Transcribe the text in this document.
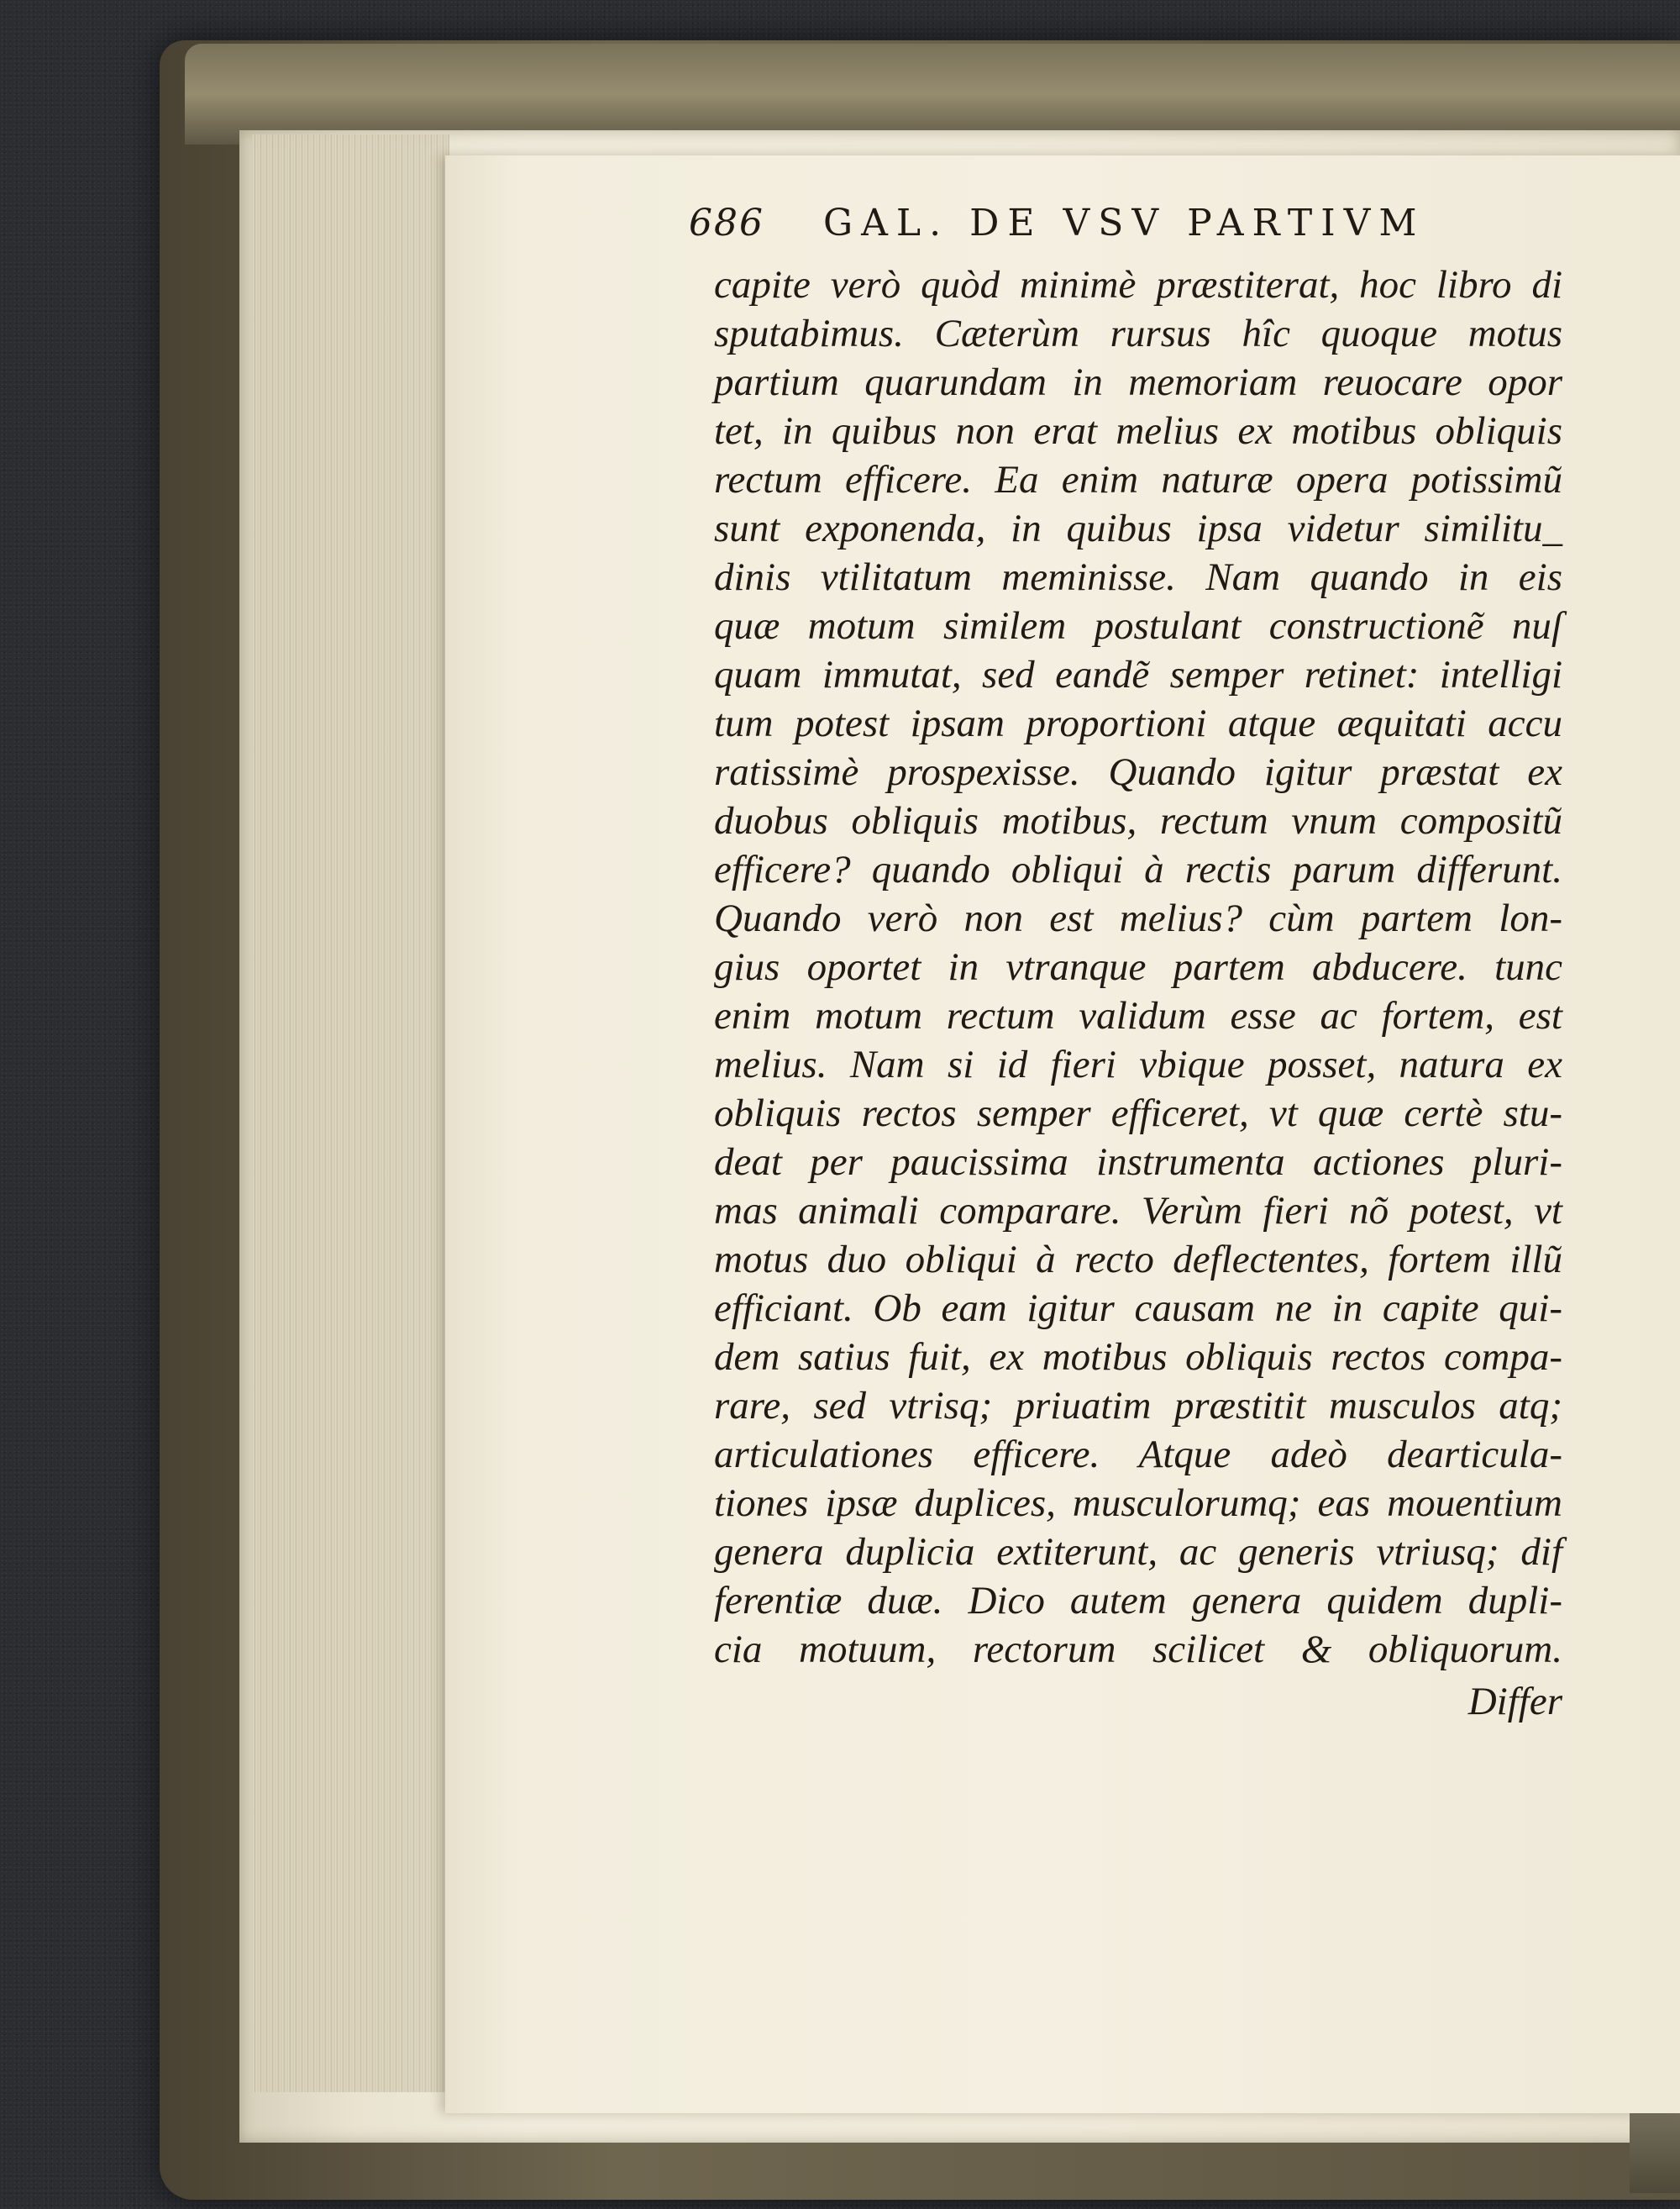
686 GAL. DE VSV PARTIVM
capite verò quòd minimè præstiterat, hoc libro di
sputabimus. Cæterùm rursus hîc quoque motus
partium quarundam in memoriam reuocare opor
tet, in quibus non erat melius ex motibus obliquis
rectum efficere. Ea enim naturæ opera potissimũ
sunt exponenda, in quibus ipsa videtur similitu_
dinis vtilitatum meminisse. Nam quando in eis
quæ motum similem postulant constructionẽ nuſ
quam immutat, sed eandẽ semper retinet: intelligi
tum potest ipsam proportioni atque æquitati accu
ratissimè prospexisse. Quando igitur præstat ex
duobus obliquis motibus, rectum vnum compositũ
efficere? quando obliqui à rectis parum differunt.
Quando verò non est melius? cùm partem lon-
gius oportet in vtranque partem abducere. tunc
enim motum rectum validum esse ac fortem, est
melius. Nam si id fieri vbique posset, natura ex
obliquis rectos semper efficeret, vt quæ certè stu-
deat per paucissima instrumenta actiones pluri-
mas animali comparare. Verùm fieri nõ potest, vt
motus duo obliqui à recto deflectentes, fortem illũ
efficiant. Ob eam igitur causam ne in capite qui-
dem satius fuit, ex motibus obliquis rectos compa-
rare, sed vtrisq; priuatim præstitit musculos atq;
articulationes efficere. Atque adeò dearticula-
tiones ipsæ duplices, musculorumq; eas mouentium
genera duplicia extiterunt, ac generis vtriusq; dif
ferentiæ duæ. Dico autem genera quidem dupli-
cia motuum, rectorum scilicet & obliquorum.
Differ
